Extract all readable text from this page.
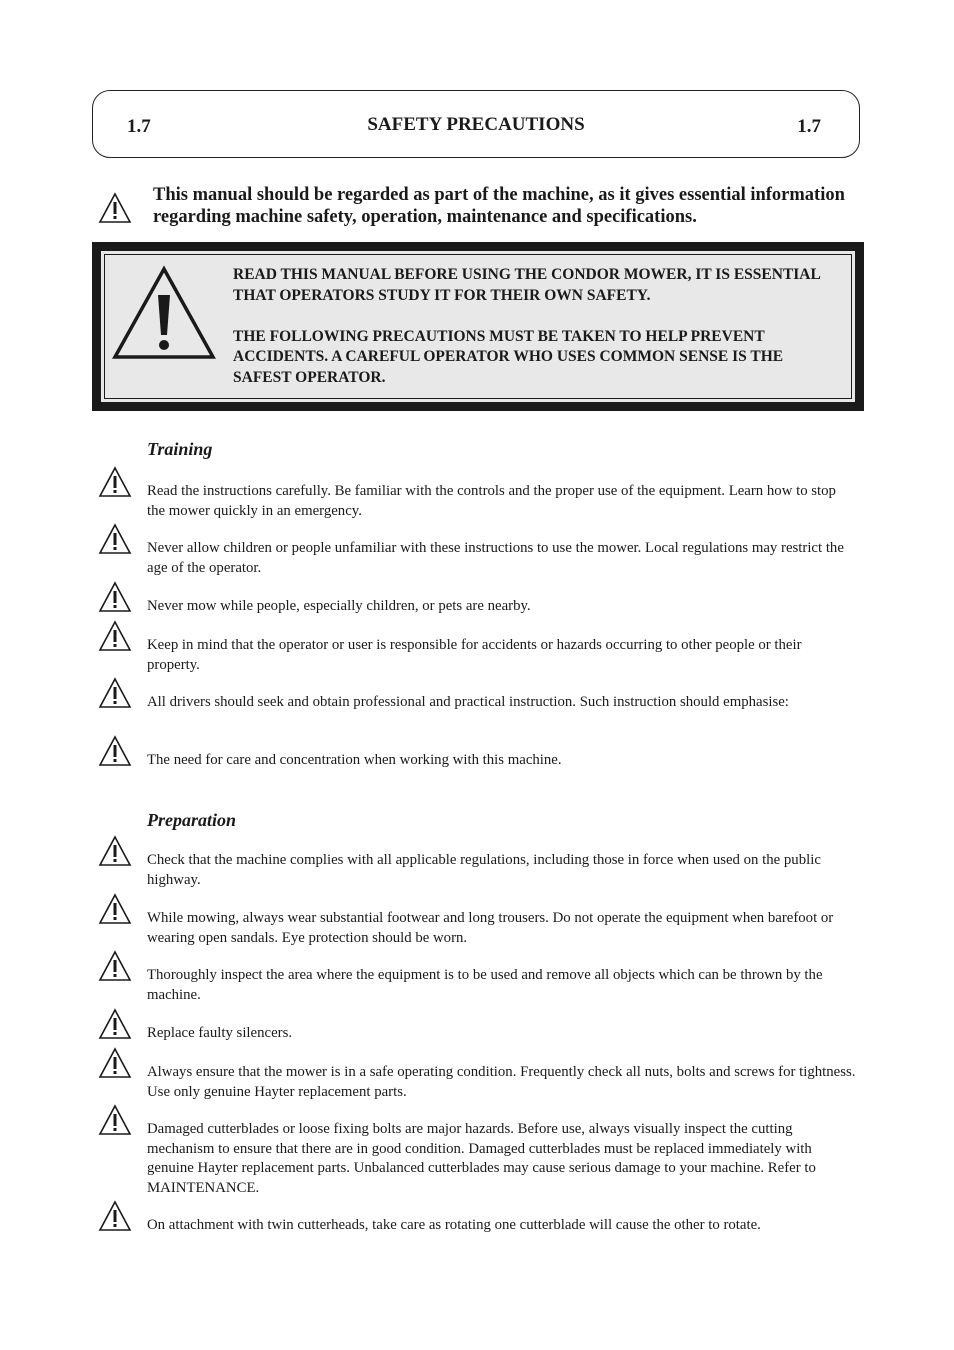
1.7	SAFETY PRECAUTIONS	1.7
This manual should be regarded as part of the machine, as it gives essential information regarding machine safety, operation, maintenance and specifications.

READ THIS MANUAL BEFORE USING THE CONDOR MOWER, IT IS ESSENTIAL THAT OPERATORS STUDY IT FOR THEIR OWN SAFETY.

THE FOLLOWING PRECAUTIONS MUST BE TAKEN TO HELP PREVENT ACCIDENTS. A CAREFUL OPERATOR WHO USES COMMON SENSE IS THE SAFEST OPERATOR.

Training
Read the instructions carefully. Be familiar with the controls and the proper use of the equipment. Learn how to stop the mower quickly in an emergency.
Never allow children or people unfamiliar with these instructions to use the mower. Local regulations may restrict the age of the operator.
Never mow while people, especially children, or pets are nearby.
Keep in mind that the operator or user is responsible for accidents or hazards occurring to other people or their property.
All drivers should seek and obtain professional and practical instruction. Such instruction should emphasise:
The need for care and concentration when working with this machine.
Preparation
Check that the machine complies with all applicable regulations, including those in force when used on the public highway.
While mowing, always wear substantial footwear and long trousers. Do not operate the equipment when barefoot or wearing open sandals. Eye protection should be worn.
Thoroughly inspect the area where the equipment is to be used and remove all objects which can be thrown by the machine.
Replace faulty silencers.
Always ensure that the mower is in a safe operating condition. Frequently check all nuts, bolts and screws for tightness. Use only genuine Hayter replacement parts.
Damaged cutterblades or loose fixing bolts are major hazards. Before use, always visually inspect the cutting mechanism to ensure that there are in good condition. Damaged cutterblades must be replaced immediately with genuine Hayter replacement parts. Unbalanced cutterblades may cause serious damage to your machine. Refer to MAINTENANCE.
On attachment with twin cutterheads, take care as rotating one cutterblade will cause the other to rotate.
